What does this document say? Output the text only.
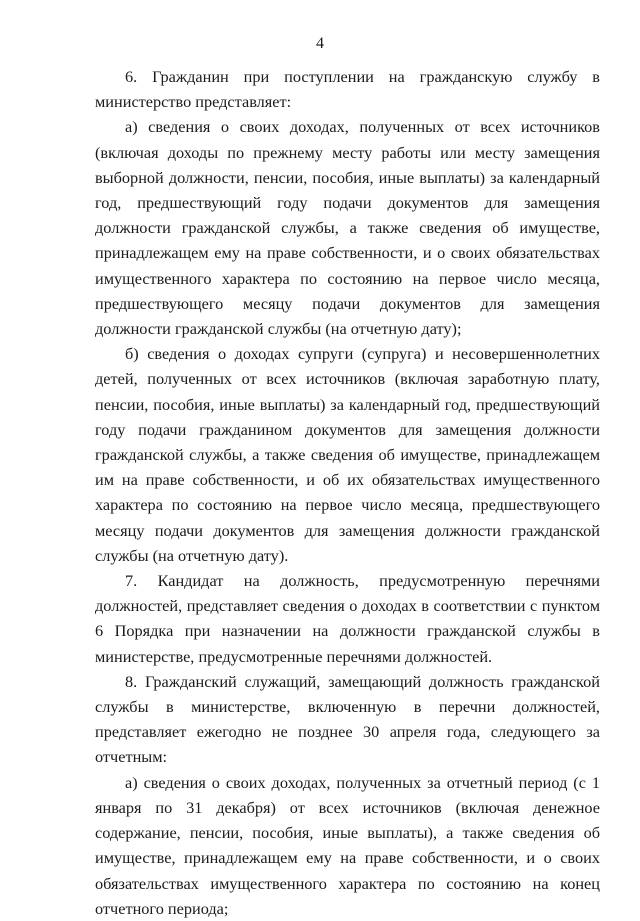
4

6. Гражданин при поступлении на гражданскую службу в министерство представляет:

а) сведения о своих доходах, полученных от всех источников (включая доходы по прежнему месту работы или месту замещения выборной должности, пенсии, пособия, иные выплаты) за календарный год, предшествующий году подачи документов для замещения должности гражданской службы, а также сведения об имуществе, принадлежащем ему на праве собственности, и о своих обязательствах имущественного характера по состоянию на первое число месяца, предшествующего месяцу подачи документов для замещения должности гражданской службы (на отчетную дату);

б) сведения о доходах супруги (супруга) и несовершеннолетних детей, полученных от всех источников (включая заработную плату, пенсии, пособия, иные выплаты) за календарный год, предшествующий году подачи гражданином документов для замещения должности гражданской службы, а также сведения об имуществе, принадлежащем им на праве собственности, и об их обязательствах имущественного характера по состоянию на первое число месяца, предшествующего месяцу подачи документов для замещения должности гражданской службы (на отчетную дату).

7. Кандидат на должность, предусмотренную перечнями должностей, представляет сведения о доходах в соответствии с пунктом 6 Порядка при назначении на должности гражданской службы в министерстве, предусмотренные перечнями должностей.

8. Гражданский служащий, замещающий должность гражданской службы в министерстве, включенную в перечни должностей, представляет ежегодно не позднее 30 апреля года, следующего за отчетным:

а) сведения о своих доходах, полученных за отчетный период (с 1 января по 31 декабря) от всех источников (включая денежное содержание, пенсии, пособия, иные выплаты), а также сведения об имуществе, принадлежащем ему на праве собственности, и о своих обязательствах имущественного характера по состоянию на конец отчетного периода;
